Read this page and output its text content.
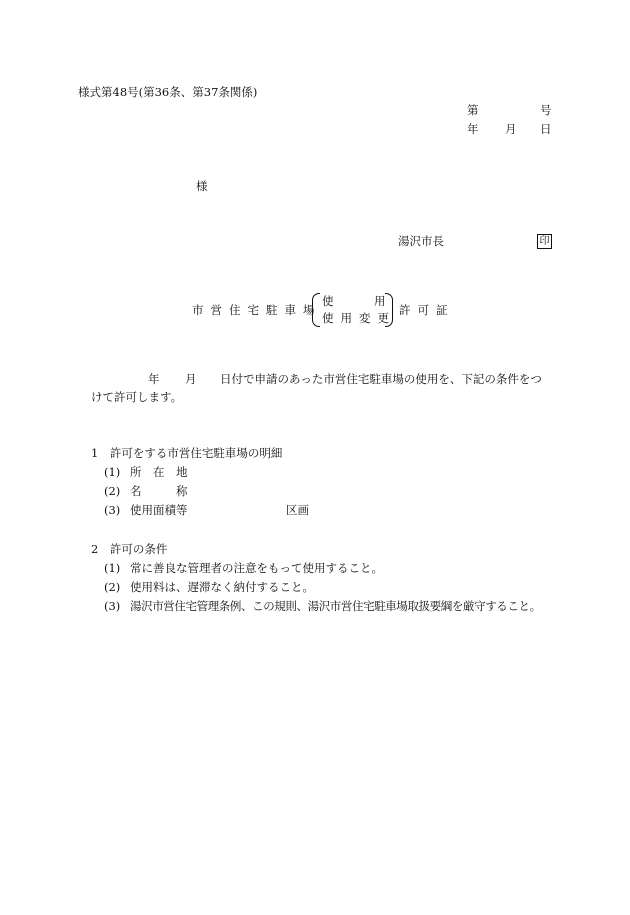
様式第48号(第36条、第37条関係)
第	号
年 月 日
様
湯沢市長	印
市営住宅駐車場
使	用
使用変更
許可証
年 月 日付で申請のあった市営住宅駐車場の使用を、下記の条件をつ
けて許可します。
1　許可をする市営住宅駐車場の明細
(1) 所　在　地
(2) 名　　　称
(3) 使用面積等	区画
2　許可の条件
(1) 常に善良な管理者の注意をもって使用すること。
(2) 使用料は、遅滞なく納付すること。
(3) 湯沢市営住宅管理条例、この規則、湯沢市営住宅駐車場取扱要綱を厳守すること。
